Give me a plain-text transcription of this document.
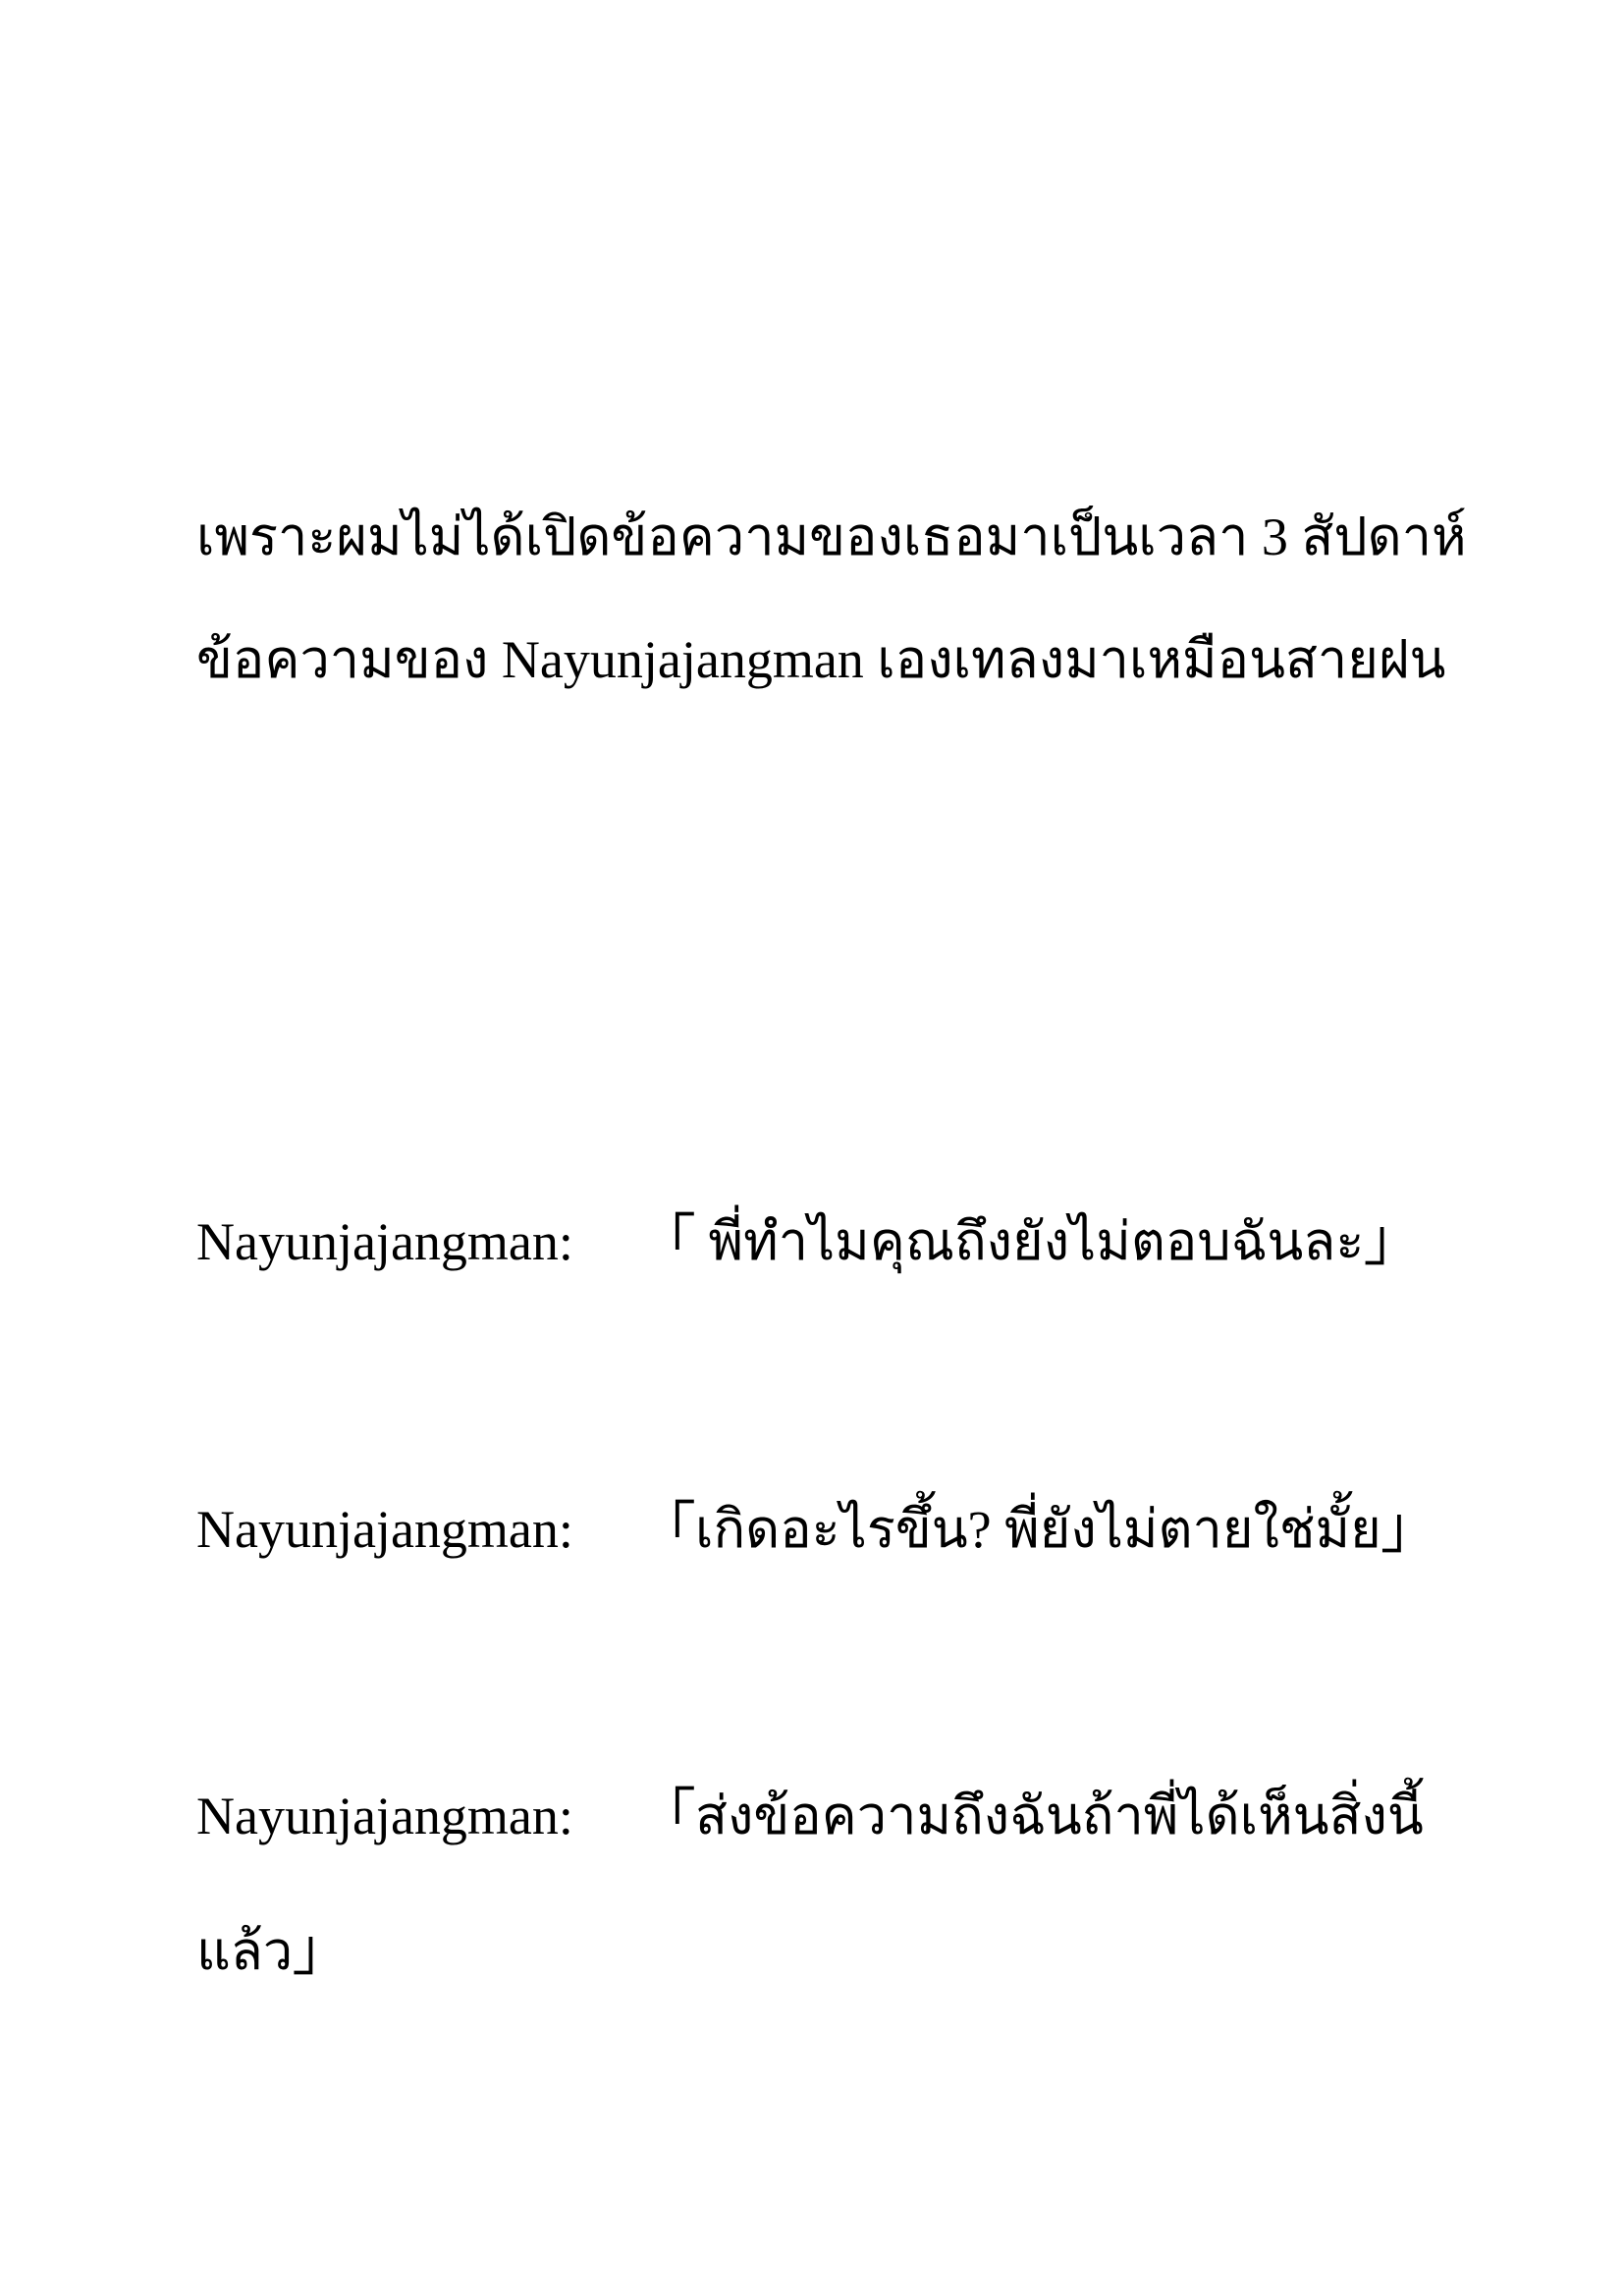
เพราะผมไม่ได้เปิดข้อความของเธอมาเป็นเวลา 3 สัปดาห์

ข้อความของ Nayunjajangman เองเทลงมาเหมือนสายฝน

Nayunjajangman: 「 พี่ทำไมคุณถึงยังไม่ตอบฉันละ」

Nayunjajangman: 「เกิดอะไรขึ้น? พี่ยังไม่ตายใช่มั้ย」

Nayunjajangman: 「ส่งข้อความถึงฉันถ้าพี่ได้เห็นสิ่งนี้

แล้ว」
